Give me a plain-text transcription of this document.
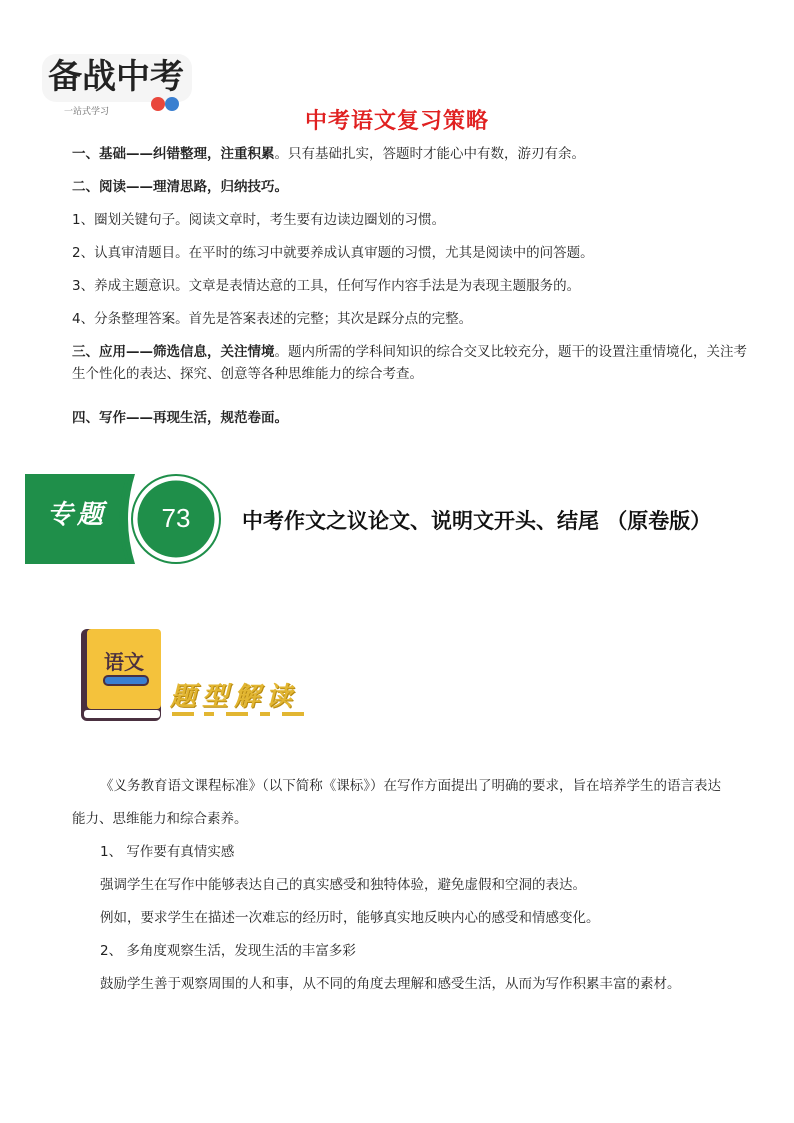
备战中考
一站式学习	中考语文复习策略
一、基础——纠错整理，注重积累。只有基础扎实，答题时才能心中有数，游刃有余。
二、阅读——理清思路，归纳技巧。
1、圈划关键句子。阅读文章时，考生要有边读边圈划的习惯。
2、认真审清题目。在平时的练习中就要养成认真审题的习惯，尤其是阅读中的问答题。
3、养成主题意识。文章是表情达意的工具，任何写作内容手法是为表现主题服务的。
4、分条整理答案。首先是答案表述的完整；其次是踩分点的完整。
三、应用——筛选信息，关注情境。题内所需的学科间知识的综合交叉比较充分，题干的设置注重情境化，关注考生个性化的表达、探究、创意等各种思维能力的综合考查。
四、写作——再现生活，规范卷面。
专题	73	中考作文之议论文、说明文开头、结尾 （原卷版）
语文
题型解读

《义务教育语文课程标准》（以下简称《课标》）在写作方面提出了明确的要求，旨在培养学生的语言表达能力、思维能力和综合素养。

1、 写作要有真情实感

强调学生在写作中能够表达自己的真实感受和独特体验，避免虚假和空洞的表达。

例如，要求学生在描述一次难忘的经历时，能够真实地反映内心的感受和情感变化。

2、 多角度观察生活，发现生活的丰富多彩

鼓励学生善于观察周围的人和事，从不同的角度去理解和感受生活，从而为写作积累丰富的素材。
